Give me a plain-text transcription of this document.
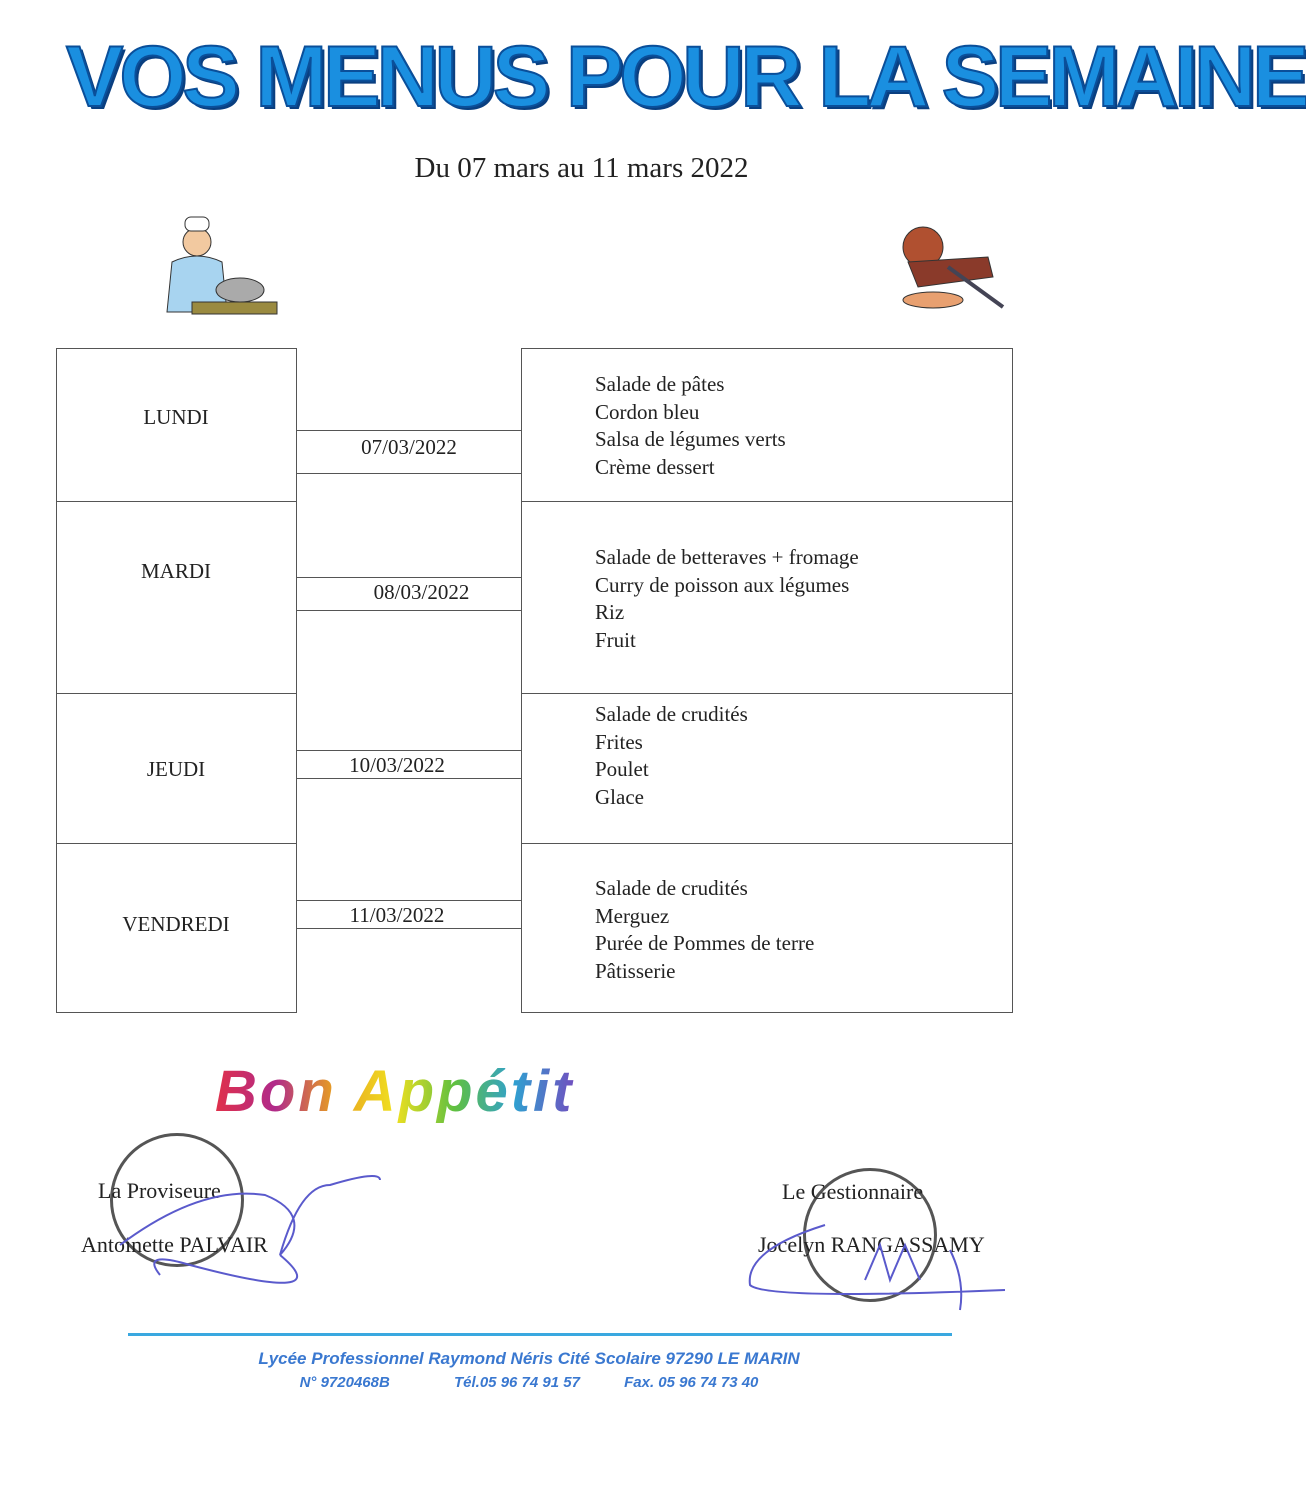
VOS MENUS POUR LA SEMAINE
Du 07 mars au 11 mars 2022
LUNDI
MARDI
JEUDI
VENDREDI
07/03/2022
08/03/2022
10/03/2022
11/03/2022
Salade de pâtes
Cordon bleu
Salsa de légumes verts
Crème dessert
Salade de betteraves + fromage
Curry de poisson aux légumes
Riz
Fruit
Salade de crudités
Frites
Poulet
Glace
Salade de crudités
Merguez
Purée de Pommes de terre
Pâtisserie
Bon Appétit
La Proviseure
Antoinette PALVAIR
Le Gestionnaire
Jocelyn RANGASSAMY
Lycée Professionnel Raymond Néris Cité Scolaire 97290 LE MARIN
N° 9720468B	Tél.05 96 74 91 57	Fax. 05 96 74 73 40
